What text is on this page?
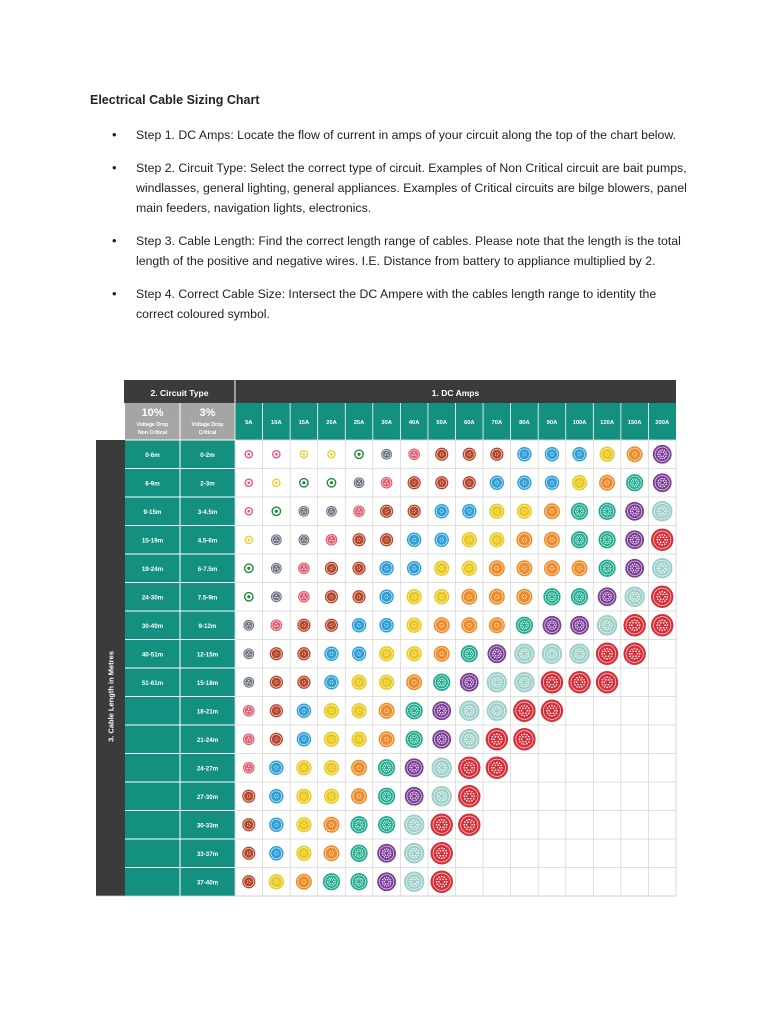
Electrical Cable Sizing Chart
• Step 1. DC Amps: Locate the flow of current in amps of your circuit along the top of the chart below.
• Step 2. Circuit Type: Select the correct type of circuit. Examples of Non Critical circuit are bait pumps, windlasses, general lighting, general appliances. Examples of Critical circuits are bilge blowers, panel main feeders, navigation lights, electronics.
• Step 3. Cable Length: Find the correct length range of cables. Please note that the length is the total length of the positive and negative wires. I.E. Distance from battery to appliance multiplied by 2.
• Step 4. Correct Cable Size: Intersect the DC Ampere with the cables length range to identity the correct coloured symbol.
2. Circuit Type	1. DC Amps
10%
Voltage Drop
Non Critical
3%
Voltage Drop
Critical
5A	10A	15A	20A	25A	30A	40A	50A	60A	70A	80A	90A	100A 120A 150A 200A
3. Cable Length in Metres
0-6m	0-2m
6-9m	2-3m
9-15m	3-4.5m
15-19m	4.5-6m
19-24m	6-7.5m
24-30m	7.5-9m
30-40m	9-12m
40-51m	12-15m
51-61m	15-18m
18-21m
21-24m
24-27m
27-30m
30-33m
33-37m
37-40m
